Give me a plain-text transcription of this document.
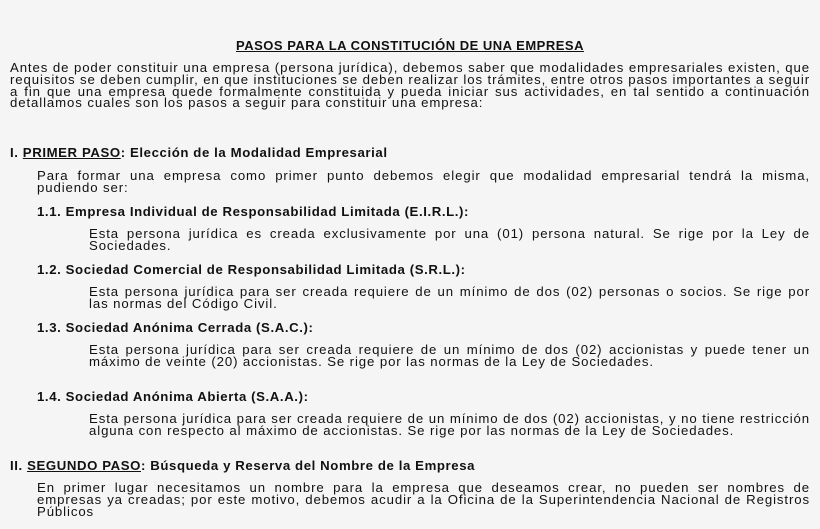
PASOS PARA LA CONSTITUCIÓN DE UNA EMPRESA
Antes de poder constituir una empresa (persona jurídica), debemos saber que modalidades empresariales existen, que requisitos se deben cumplir, en que instituciones se deben realizar los trámites, entre otros pasos importantes a seguir a fin que una empresa quede formalmente constituida y pueda iniciar sus actividades, en tal sentido a continuación detallamos cuales son los pasos a seguir para constituir una empresa:
I. PRIMER PASO: Elección de la Modalidad Empresarial
Para formar una empresa como primer punto debemos elegir que modalidad empresarial tendrá la misma, pudiendo ser:
1.1. Empresa Individual de Responsabilidad Limitada (E.I.R.L.):
Esta persona jurídica es creada exclusivamente por una (01) persona natural. Se rige por la Ley de Sociedades.
1.2. Sociedad Comercial de Responsabilidad Limitada (S.R.L.):
Esta persona jurídica para ser creada requiere de un mínimo de dos (02) personas o socios. Se rige por las normas del Código Civil.
1.3. Sociedad Anónima Cerrada (S.A.C.):
Esta persona jurídica para ser creada requiere de un mínimo de dos (02) accionistas y puede tener un máximo de veinte (20) accionistas. Se rige por las normas de la Ley de Sociedades.
1.4. Sociedad Anónima Abierta (S.A.A.):
Esta persona jurídica para ser creada requiere de un mínimo de dos (02) accionistas, y no tiene restricción alguna con respecto al máximo de accionistas. Se rige por las normas de la Ley de Sociedades.
II. SEGUNDO PASO: Búsqueda y Reserva del Nombre de la Empresa
En primer lugar necesitamos un nombre para la empresa que deseamos crear, no pueden ser nombres de empresas ya creadas; por este motivo, debemos acudir a la Oficina de la Superintendencia Nacional de Registros Públicos
